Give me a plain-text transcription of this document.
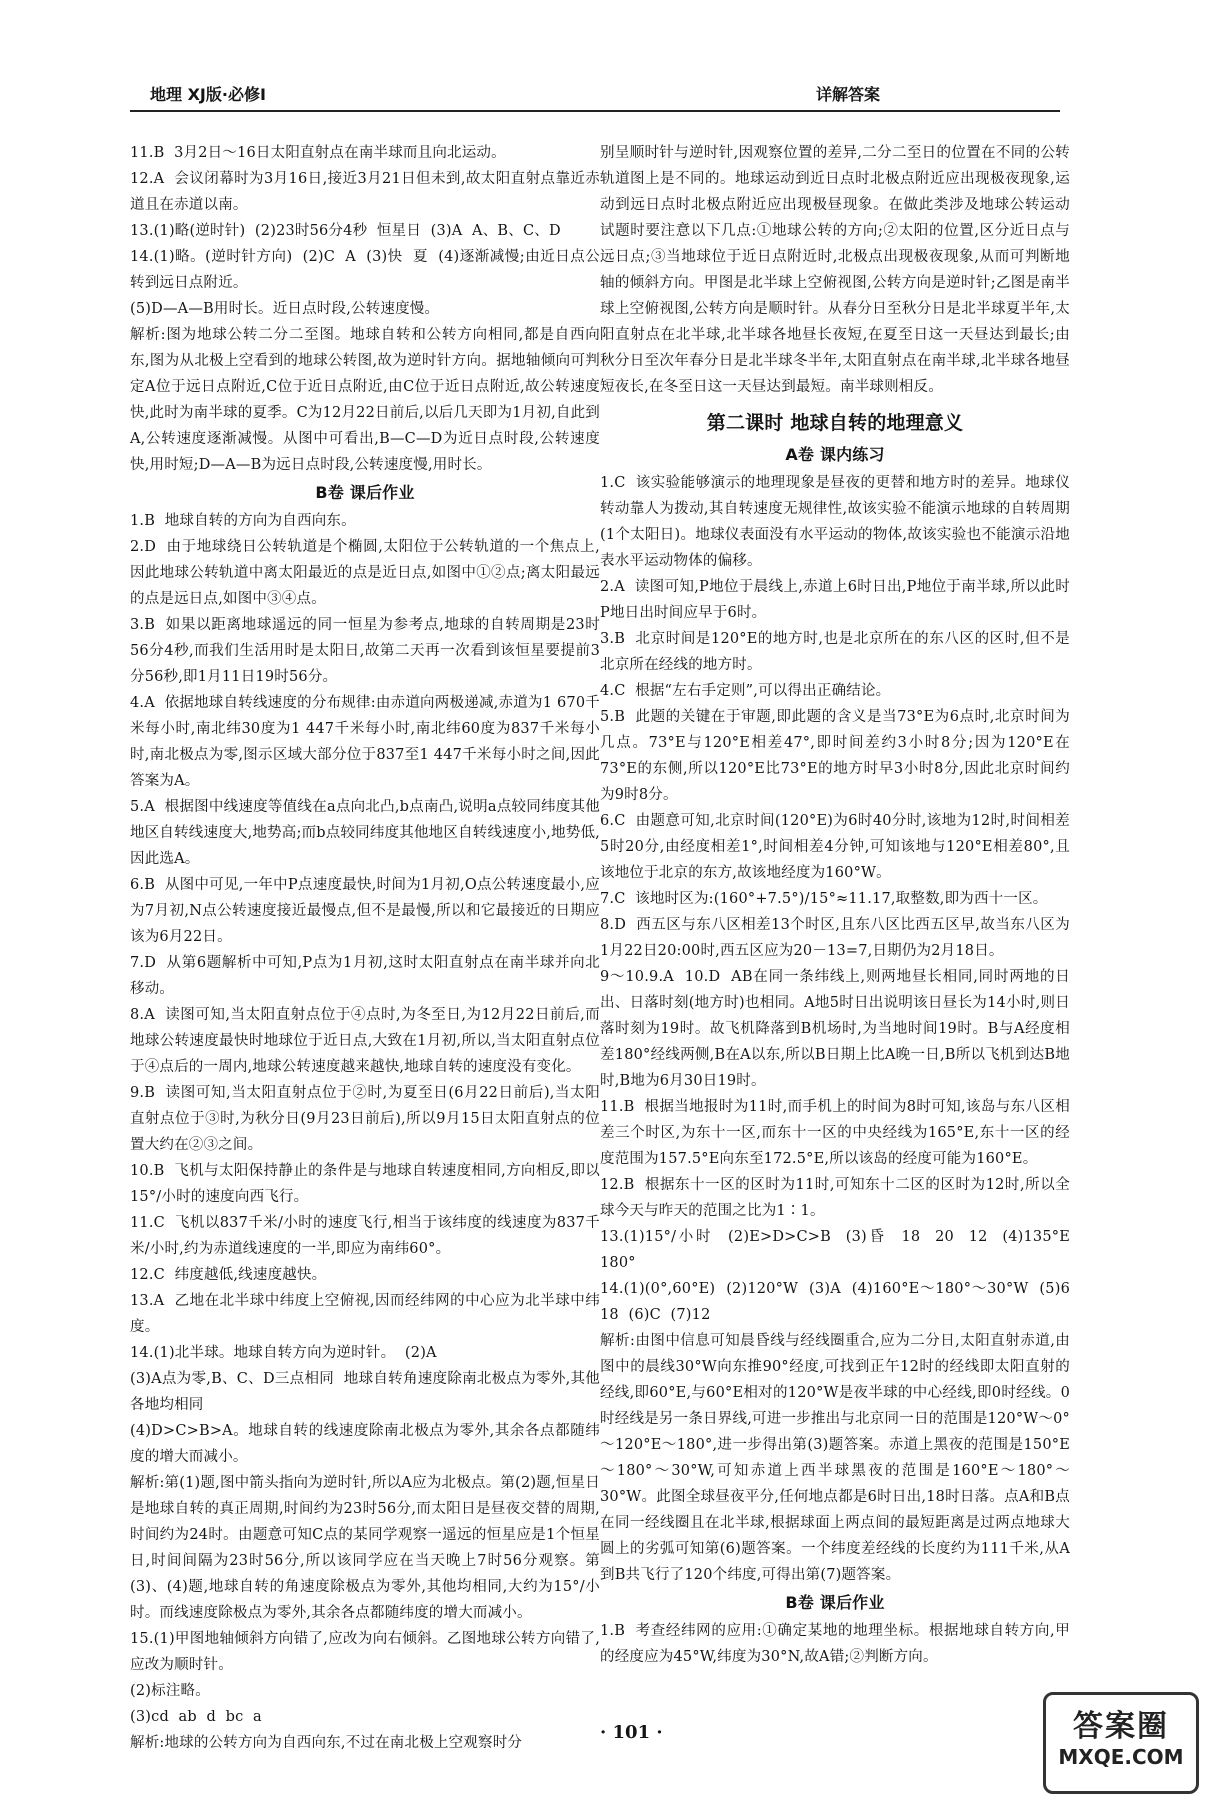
地理 XJ版·必修Ⅰ	详解答案
11.B  3月2日～16日太阳直射点在南半球而且向北运动。
12.A  会议闭幕时为3月16日,接近3月21日但未到,故太阳直射点靠近赤道且在赤道以南。
13.(1)略(逆时针)  (2)23时56分4秒  恒星日  (3)A  A、B、C、D
14.(1)略。(逆时针方向)  (2)C  A  (3)快  夏  (4)逐渐减慢;由近日点公转到远日点附近。
(5)D—A—B用时长。近日点时段,公转速度慢。
解析:图为地球公转二分二至图。地球自转和公转方向相同,都是自西向东,图为从北极上空看到的地球公转图,故为逆时针方向。据地轴倾向可判定A位于远日点附近,C位于近日点附近,由C位于近日点附近,故公转速度快,此时为南半球的夏季。C为12月22日前后,以后几天即为1月初,自此到A,公转速度逐渐减慢。从图中可看出,B—C—D为近日点时段,公转速度快,用时短;D—A—B为远日点时段,公转速度慢,用时长。
B卷 课后作业
1.B  地球自转的方向为自西向东。
2.D  由于地球绕日公转轨道是个椭圆,太阳位于公转轨道的一个焦点上,因此地球公转轨道中离太阳最近的点是近日点,如图中①②点;离太阳最远的点是远日点,如图中③④点。
3.B  如果以距离地球遥远的同一恒星为参考点,地球的自转周期是23时56分4秒,而我们生活用时是太阳日,故第二天再一次看到该恒星要提前3分56秒,即1月11日19时56分。
4.A  依据地球自转线速度的分布规律:由赤道向两极递减,赤道为1 670千米每小时,南北纬30度为1 447千米每小时,南北纬60度为837千米每小时,南北极点为零,图示区域大部分位于837至1 447千米每小时之间,因此答案为A。
5.A  根据图中线速度等值线在a点向北凸,b点南凸,说明a点较同纬度其他地区自转线速度大,地势高;而b点较同纬度其他地区自转线速度小,地势低,因此选A。
6.B  从图中可见,一年中P点速度最快,时间为1月初,O点公转速度最小,应为7月初,N点公转速度接近最慢点,但不是最慢,所以和它最接近的日期应该为6月22日。
7.D  从第6题解析中可知,P点为1月初,这时太阳直射点在南半球并向北移动。
8.A  读图可知,当太阳直射点位于④点时,为冬至日,为12月22日前后,而地球公转速度最快时地球位于近日点,大致在1月初,所以,当太阳直射点位于④点后的一周内,地球公转速度越来越快,地球自转的速度没有变化。
9.B  读图可知,当太阳直射点位于②时,为夏至日(6月22日前后),当太阳直射点位于③时,为秋分日(9月23日前后),所以9月15日太阳直射点的位置大约在②③之间。
10.B  飞机与太阳保持静止的条件是与地球自转速度相同,方向相反,即以15°/小时的速度向西飞行。
11.C  飞机以837千米/小时的速度飞行,相当于该纬度的线速度为837千米/小时,约为赤道线速度的一半,即应为南纬60°。
12.C  纬度越低,线速度越快。
13.A  乙地在北半球中纬度上空俯视,因而经纬网的中心应为北半球中纬度。
14.(1)北半球。地球自转方向为逆时针。  (2)A
(3)A点为零,B、C、D三点相同  地球自转角速度除南北极点为零外,其他各地均相同
(4)D>C>B>A。地球自转的线速度除南北极点为零外,其余各点都随纬度的增大而减小。
解析:第(1)题,图中箭头指向为逆时针,所以A应为北极点。第(2)题,恒星日是地球自转的真正周期,时间约为23时56分,而太阳日是昼夜交替的周期,时间约为24时。由题意可知C点的某同学观察一遥远的恒星应是1个恒星日,时间间隔为23时56分,所以该同学应在当天晚上7时56分观察。第(3)、(4)题,地球自转的角速度除极点为零外,其他均相同,大约为15°/小时。而线速度除极点为零外,其余各点都随纬度的增大而减小。
15.(1)甲图地轴倾斜方向错了,应改为向右倾斜。乙图地球公转方向错了,应改为顺时针。
(2)标注略。
(3)cd  ab  d  bc  a
解析:地球的公转方向为自西向东,不过在南北极上空观察时分
别呈顺时针与逆时针,因观察位置的差异,二分二至日的位置在不同的公转轨道图上是不同的。地球运动到近日点时北极点附近应出现极夜现象,运动到远日点时北极点附近应出现极昼现象。在做此类涉及地球公转运动试题时要注意以下几点:①地球公转的方向;②太阳的位置,区分近日点与远日点;③当地球位于近日点附近时,北极点出现极夜现象,从而可判断地轴的倾斜方向。甲图是北半球上空俯视图,公转方向是逆时针;乙图是南半球上空俯视图,公转方向是顺时针。从春分日至秋分日是北半球夏半年,太阳直射点在北半球,北半球各地昼长夜短,在夏至日这一天昼达到最长;由秋分日至次年春分日是北半球冬半年,太阳直射点在南半球,北半球各地昼短夜长,在冬至日这一天昼达到最短。南半球则相反。
第二课时 地球自转的地理意义
A卷 课内练习
1.C  该实验能够演示的地理现象是昼夜的更替和地方时的差异。地球仪转动靠人为拨动,其自转速度无规律性,故该实验不能演示地球的自转周期(1个太阳日)。地球仪表面没有水平运动的物体,故该实验也不能演示沿地表水平运动物体的偏移。
2.A  读图可知,P地位于晨线上,赤道上6时日出,P地位于南半球,所以此时P地日出时间应早于6时。
3.B  北京时间是120°E的地方时,也是北京所在的东八区的区时,但不是北京所在经线的地方时。
4.C  根据“左右手定则”,可以得出正确结论。
5.B  此题的关键在于审题,即此题的含义是当73°E为6点时,北京时间为几点。73°E与120°E相差47°,即时间差约3小时8分;因为120°E在73°E的东侧,所以120°E比73°E的地方时早3小时8分,因此北京时间约为9时8分。
6.C  由题意可知,北京时间(120°E)为6时40分时,该地为12时,时间相差5时20分,由经度相差1°,时间相差4分钟,可知该地与120°E相差80°,且该地位于北京的东方,故该地经度为160°W。
7.C  该地时区为:(160°+7.5°)/15°≈11.17,取整数,即为西十一区。
8.D  西五区与东八区相差13个时区,且东八区比西五区早,故当东八区为1月22日20:00时,西五区应为20－13=7,日期仍为2月18日。
9～10.9.A  10.D  AB在同一条纬线上,则两地昼长相同,同时两地的日出、日落时刻(地方时)也相同。A地5时日出说明该日昼长为14小时,则日落时刻为19时。故飞机降落到B机场时,为当地时间19时。B与A经度相差180°经线两侧,B在A以东,所以B日期上比A晚一日,B所以飞机到达B地时,B地为6月30日19时。
11.B  根据当地报时为11时,而手机上的时间为8时可知,该岛与东八区相差三个时区,为东十一区,而东十一区的中央经线为165°E,东十一区的经度范围为157.5°E向东至172.5°E,所以该岛的经度可能为160°E。
12.B  根据东十一区的区时为11时,可知东十二区的区时为12时,所以全球今天与昨天的范围之比为1∶1。
13.(1)15°/小时  (2)E>D>C>B  (3)昏  18  20  12  (4)135°E  180°
14.(1)(0°,60°E)  (2)120°W  (3)A  (4)160°E～180°～30°W  (5)6  18  (6)C  (7)12
解析:由图中信息可知晨昏线与经线圈重合,应为二分日,太阳直射赤道,由图中的晨线30°W向东推90°经度,可找到正午12时的经线即太阳直射的经线,即60°E,与60°E相对的120°W是夜半球的中心经线,即0时经线。0时经线是另一条日界线,可进一步推出与北京同一日的范围是120°W～0°～120°E～180°,进一步得出第(3)题答案。赤道上黑夜的范围是150°E～180°～30°W,可知赤道上西半球黑夜的范围是160°E～180°～30°W。此图全球昼夜平分,任何地点都是6时日出,18时日落。点A和B点在同一经线圈且在北半球,根据球面上两点间的最短距离是过两点地球大圆上的劣弧可知第(6)题答案。一个纬度差经线的长度约为111千米,从A到B共飞行了120个纬度,可得出第(7)题答案。
B卷 课后作业
1.B  考查经纬网的应用:①确定某地的地理坐标。根据地球自转方向,甲的经度应为45°W,纬度为30°N,故A错;②判断方向。
· 101 ·	答案圈
MXQE.COM
